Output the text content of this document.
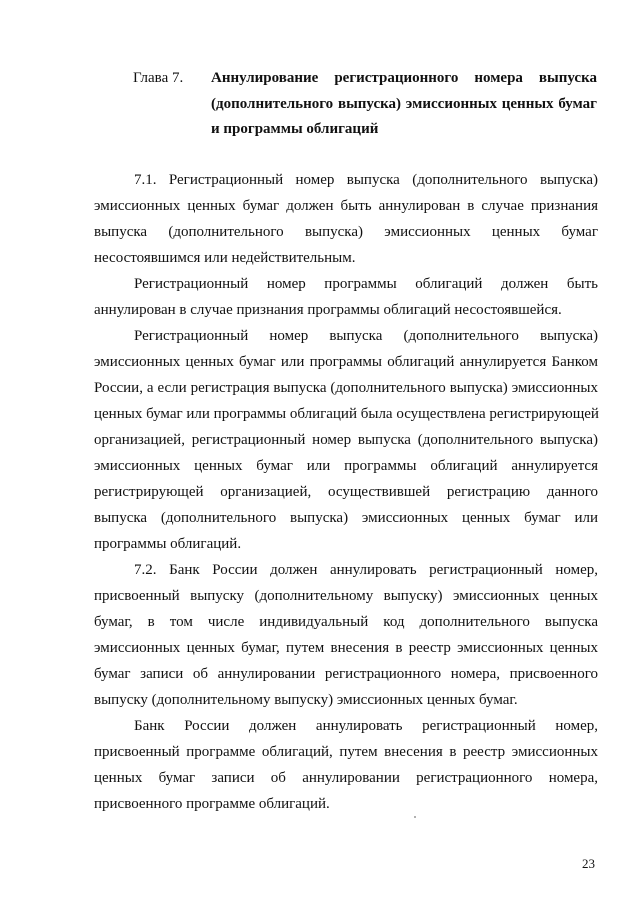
Глава 7. Аннулирование регистрационного номера выпуска
(дополнительного выпуска) эмиссионных ценных бумаг
и программы облигаций
7.1. Регистрационный номер выпуска (дополнительного выпуска)
эмиссионных ценных бумаг должен быть аннулирован в случае признания
выпуска (дополнительного выпуска) эмиссионных ценных бумаг
несостоявшимся или недействительным.
Регистрационный номер программы облигаций должен быть
аннулирован в случае признания программы облигаций несостоявшейся.
Регистрационный номер выпуска (дополнительного выпуска)
эмиссионных ценных бумаг или программы облигаций аннулируется Банком
России, а если регистрация выпуска (дополнительного выпуска) эмиссионных
ценных бумаг или программы облигаций была осуществлена регистрирующей
организацией, регистрационный номер выпуска (дополнительного выпуска)
эмиссионных ценных бумаг или программы облигаций аннулируется
регистрирующей организацией, осуществившей регистрацию данного
выпуска (дополнительного выпуска) эмиссионных ценных бумаг или
программы облигаций.
7.2. Банк России должен аннулировать регистрационный номер,
присвоенный выпуску (дополнительному выпуску) эмиссионных ценных
бумаг, в том числе индивидуальный код дополнительного выпуска
эмиссионных ценных бумаг, путем внесения в реестр эмиссионных ценных
бумаг записи об аннулировании регистрационного номера, присвоенного
выпуску (дополнительному выпуску) эмиссионных ценных бумаг.
Банк России должен аннулировать регистрационный номер,
присвоенный программе облигаций, путем внесения в реестр эмиссионных
ценных бумаг записи об аннулировании регистрационного номера,
присвоенного программе облигаций.
23
